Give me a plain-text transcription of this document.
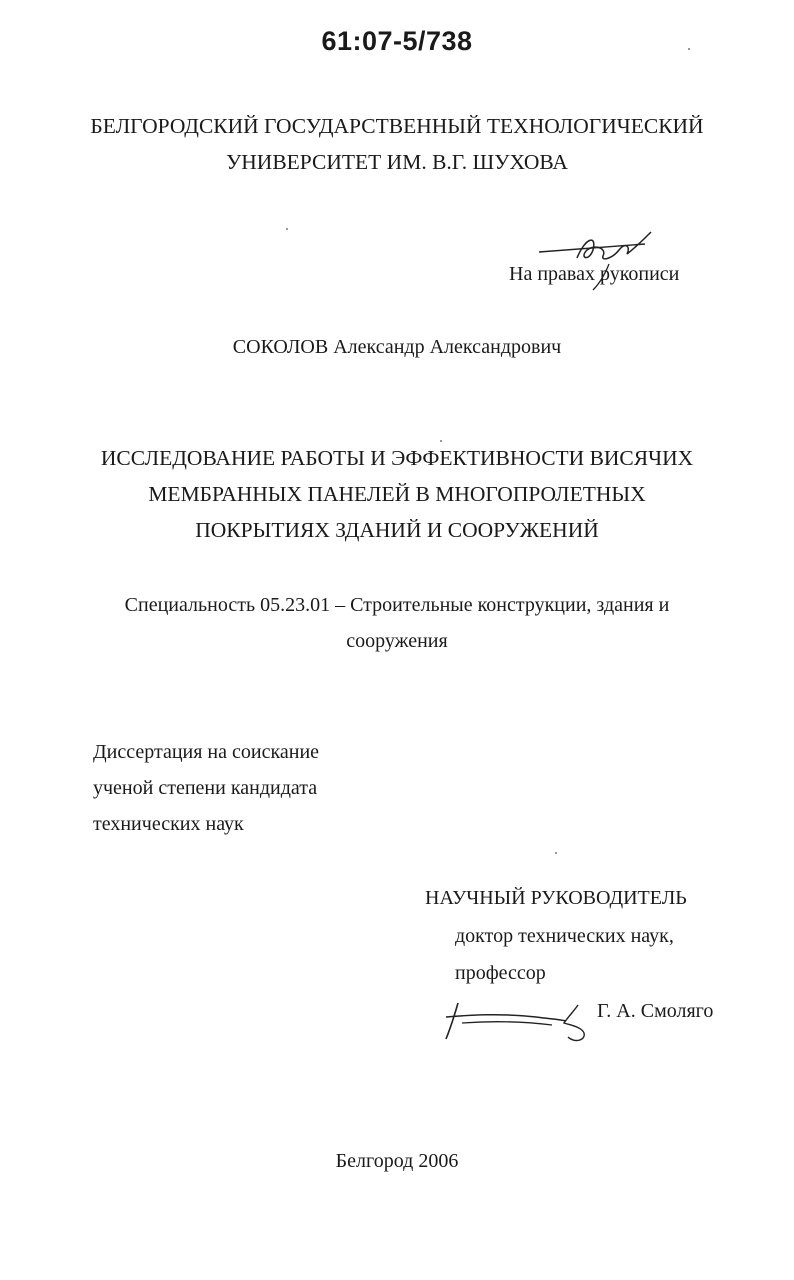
61:07-5/738
БЕЛГОРОДСКИЙ ГОСУДАРСТВЕННЫЙ ТЕХНОЛОГИЧЕСКИЙ
УНИВЕРСИТЕТ ИМ. В.Г. ШУХОВА
На правах рукописи
СОКОЛОВ Александр Александрович
ИССЛЕДОВАНИЕ РАБОТЫ И ЭФФЕКТИВНОСТИ ВИСЯЧИХ
МЕМБРАННЫХ ПАНЕЛЕЙ В МНОГОПРОЛЕТНЫХ
ПОКРЫТИЯХ ЗДАНИЙ И СООРУЖЕНИЙ
Специальность 05.23.01 – Строительные конструкции, здания и
сооружения
Диссертация на соискание
ученой степени кандидата
технических наук
НАУЧНЫЙ РУКОВОДИТЕЛЬ
доктор технических наук,
профессор
Г. А. Смоляго
Белгород 2006
